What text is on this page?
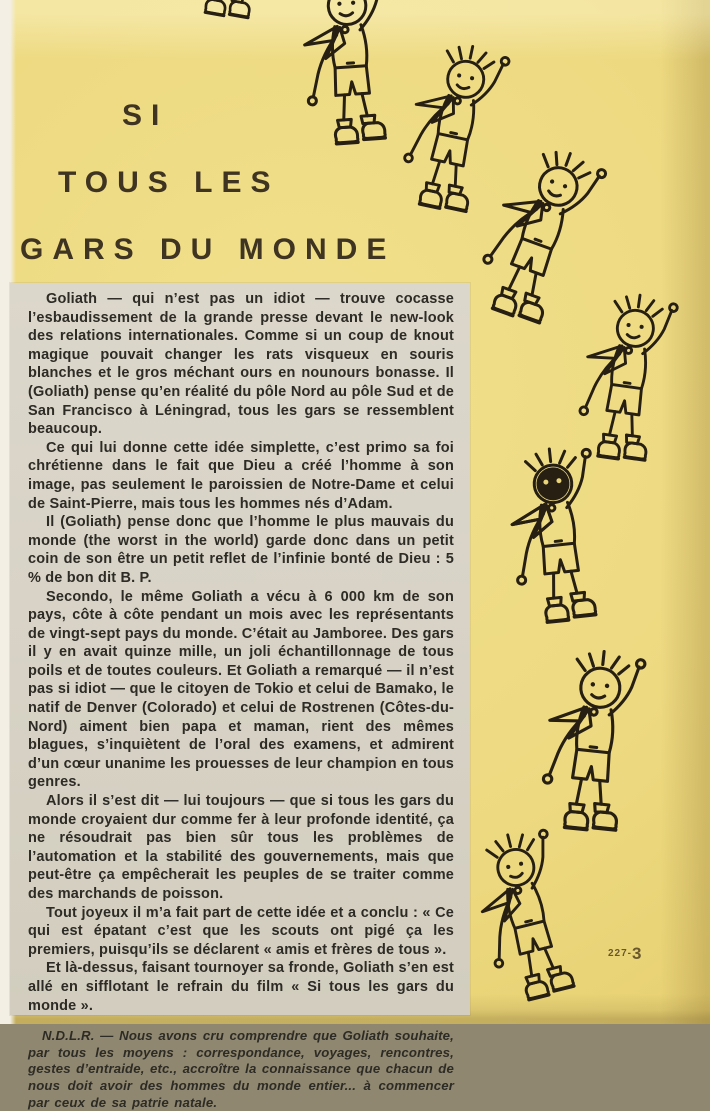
SI
TOUS LES
GARS DU MONDE

Goliath — qui n’est pas un idiot — trouve cocasse l’esbaudissement de la grande presse devant le new-look des relations internationales. Comme si un coup de knout magique pouvait changer les rats visqueux en souris blanches et le gros méchant ours en nounours bonasse. Il (Goliath) pense qu’en réalité du pôle Nord au pôle Sud et de San Francisco à Léningrad, tous les gars se ressemblent beaucoup.

Ce qui lui donne cette idée simplette, c’est primo sa foi chrétienne dans le fait que Dieu a créé l’homme à son image, pas seulement le paroissien de Notre-Dame et celui de Saint-Pierre, mais tous les hommes nés d’Adam.

Il (Goliath) pense donc que l’homme le plus mauvais du monde (the worst in the world) garde donc dans un petit coin de son être un petit reflet de l’infinie bonté de Dieu : 5 % de bon dit B. P.

Secondo, le même Goliath a vécu à 6 000 km de son pays, côte à côte pendant un mois avec les représentants de vingt-sept pays du monde. C’était au Jamboree. Des gars il y en avait quinze mille, un joli échantillonnage de tous poils et de toutes couleurs. Et Goliath a remarqué — il n’est pas si idiot — que le citoyen de Tokio et celui de Bamako, le natif de Denver (Colorado) et celui de Rostrenen (Côtes-du-Nord) aiment bien papa et maman, rient des mêmes blagues, s’inquiètent de l’oral des examens, et admirent d’un cœur unanime les prouesses de leur champion en tous genres.

Alors il s’est dit — lui toujours — que si tous les gars du monde croyaient dur comme fer à leur profonde identité, ça ne résoudrait pas bien sûr tous les problèmes de l’automation et la stabilité des gouvernements, mais que peut-être ça empêcherait les peuples de se traiter comme des marchands de poisson.

Tout joyeux il m’a fait part de cette idée et a conclu : « Ce qui est épatant c’est que les scouts ont pigé ça les premiers, puisqu’ils se déclarent « amis et frères de tous ».

Et là-dessus, faisant tournoyer sa fronde, Goliath s’en est allé en sifflotant le refrain du film « Si tous les gars du monde ».

N.D.L.R. — Nous avons cru comprendre que Goliath souhaite, par tous les moyens : correspondance, voyages, rencontres, gestes d’entraide, etc., accroître la connaissance que chacun de nous doit avoir des hommes du monde entier... à commencer par ceux de sa patrie natale.

227-3
